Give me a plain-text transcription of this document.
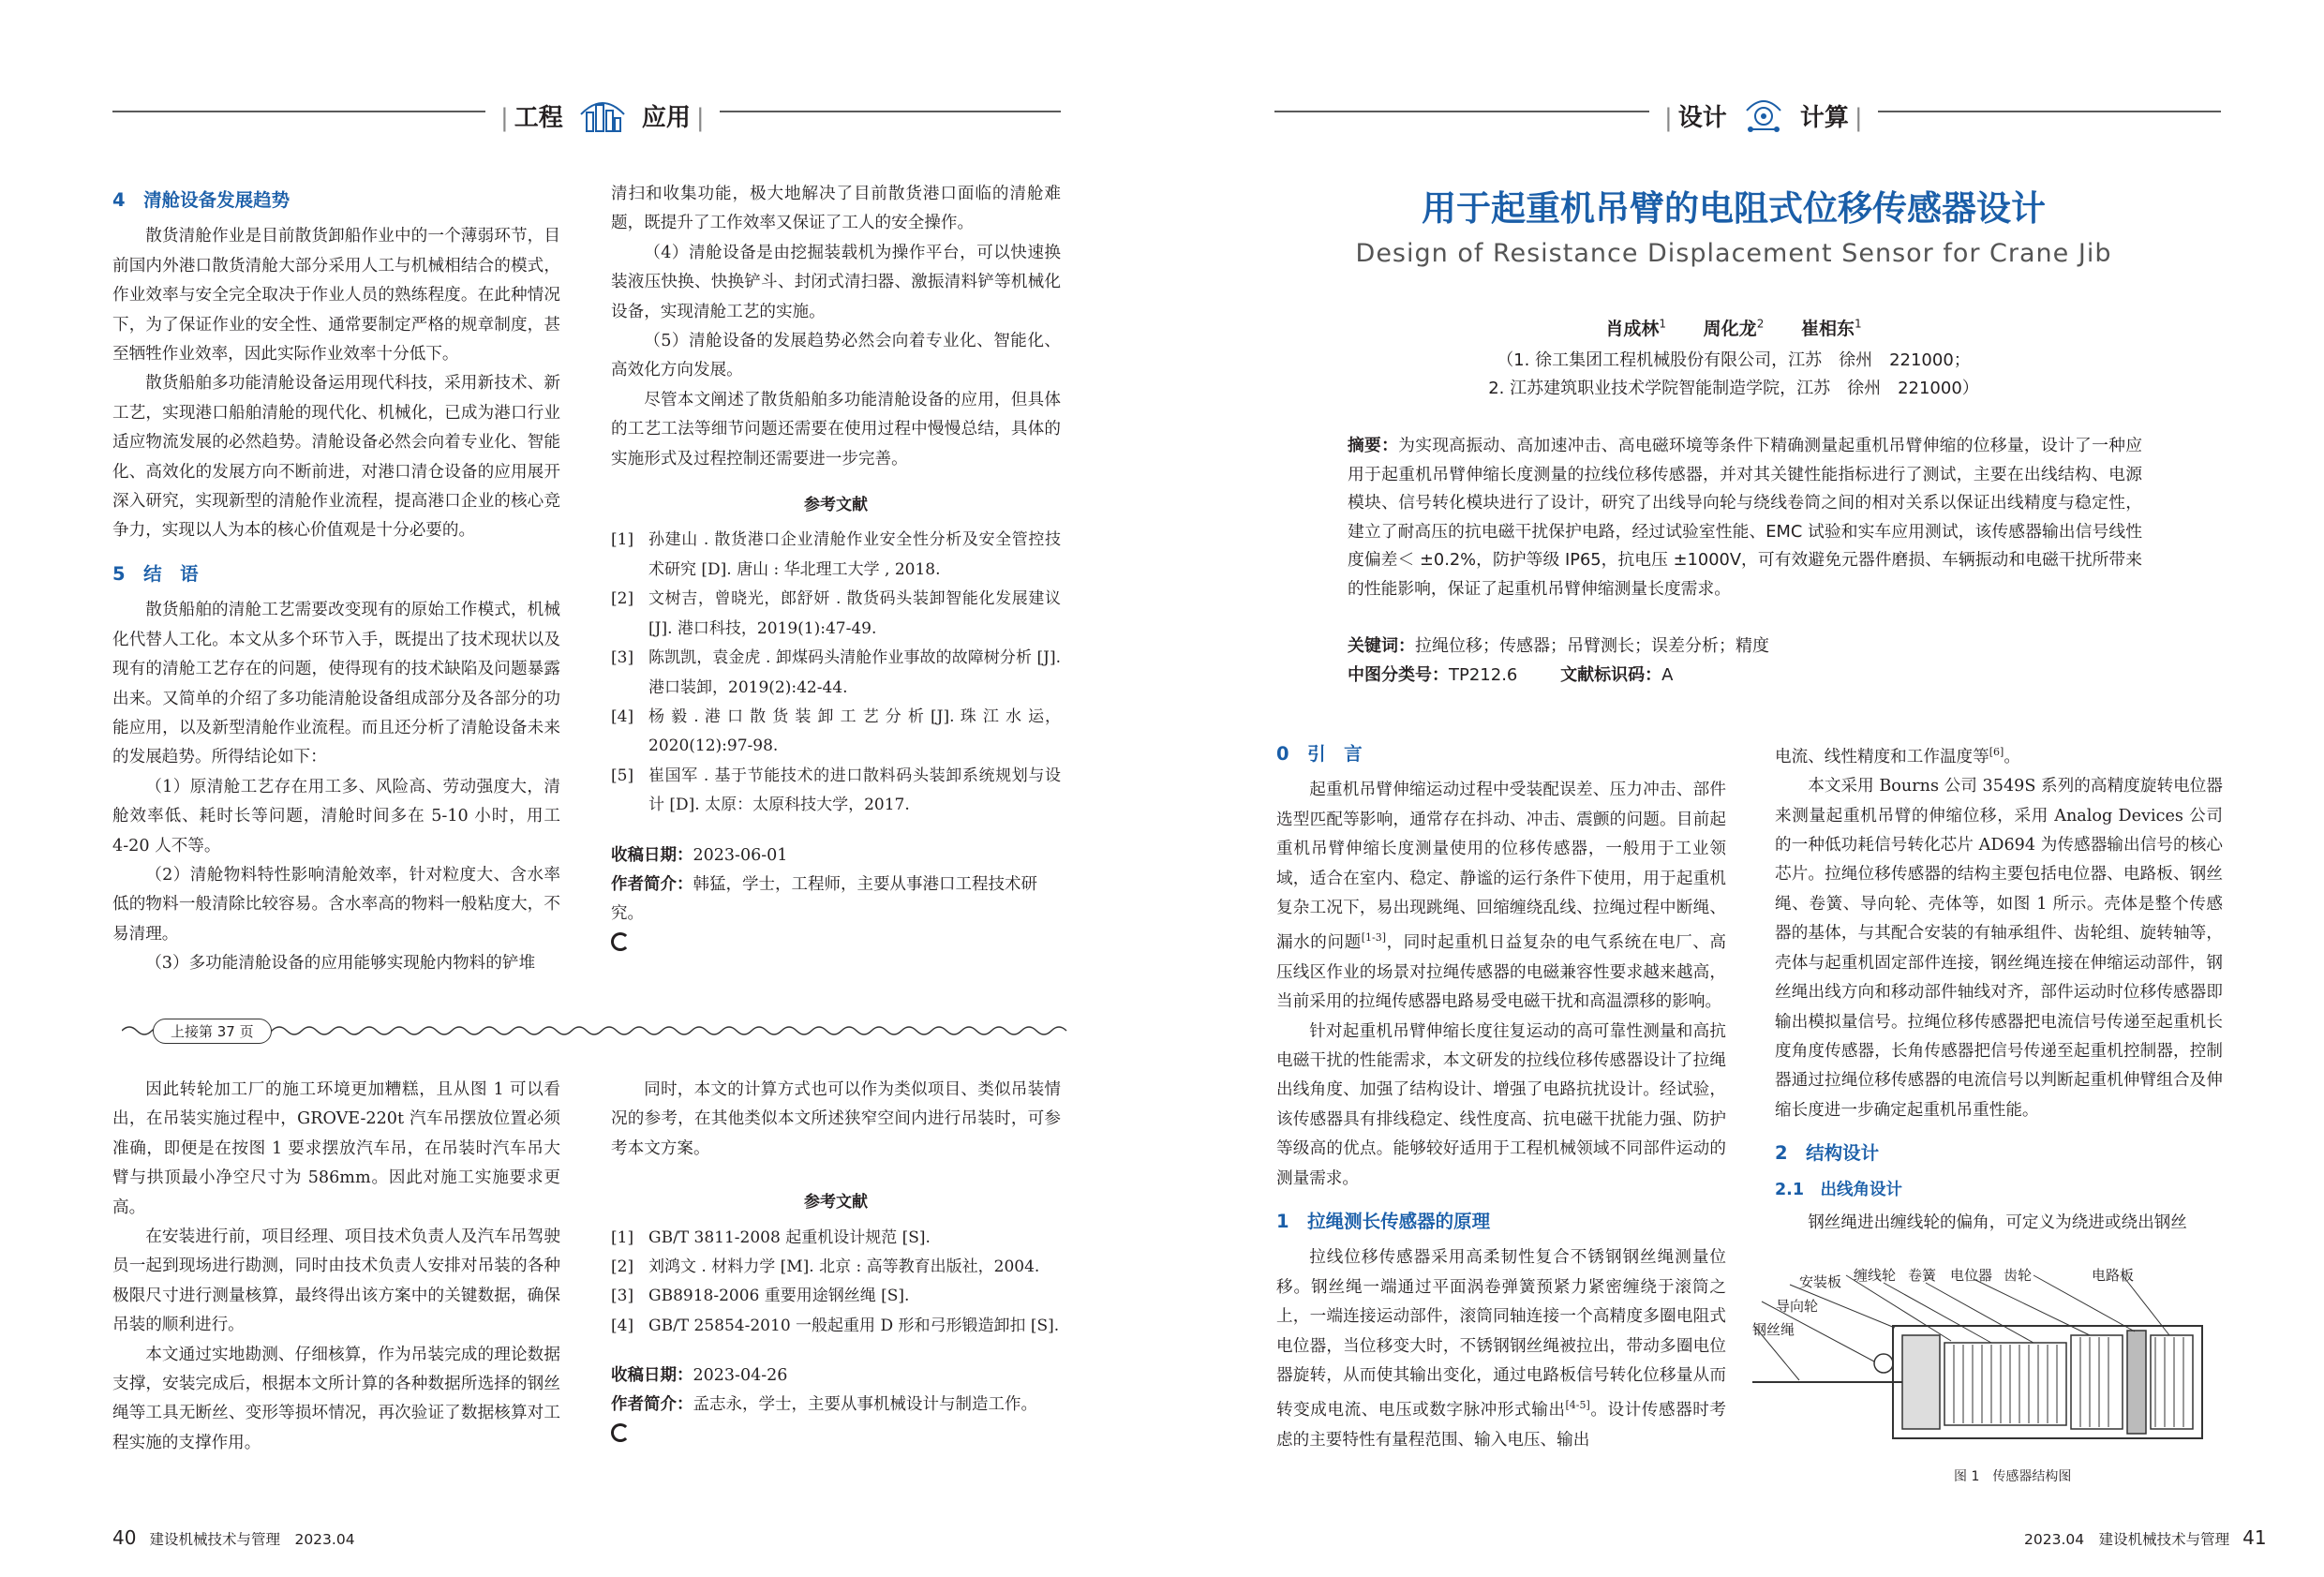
| 工程	应用 |	| 设计	计算 |
4　清舱设备发展趋势

散货清舱作业是目前散货卸船作业中的一个薄弱环节，目前国内外港口散货清舱大部分采用人工与机械相结合的模式，作业效率与安全完全取决于作业人员的熟练程度。在此种情况下，为了保证作业的安全性、通常要制定严格的规章制度，甚至牺牲作业效率，因此实际作业效率十分低下。

散货船舶多功能清舱设备运用现代科技，采用新技术、新工艺，实现港口船舶清舱的现代化、机械化，已成为港口行业适应物流发展的必然趋势。清舱设备必然会向着专业化、智能化、高效化的发展方向不断前进，对港口清仓设备的应用展开深入研究，实现新型的清舱作业流程，提高港口企业的核心竞争力，实现以人为本的核心价值观是十分必要的。

5　结　语

散货船舶的清舱工艺需要改变现有的原始工作模式，机械化代替人工化。本文从多个环节入手，既提出了技术现状以及现有的清舱工艺存在的问题，使得现有的技术缺陷及问题暴露出来。又简单的介绍了多功能清舱设备组成部分及各部分的功能应用，以及新型清舱作业流程。而且还分析了清舱设备未来的发展趋势。所得结论如下：

（1）原清舱工艺存在用工多、风险高、劳动强度大，清舱效率低、耗时长等问题，清舱时间多在 5-10 小时，用工 4-20 人不等。

（2）清舱物料特性影响清舱效率，针对粒度大、含水率低的物料一般清除比较容易。含水率高的物料一般粘度大，不易清理。

（3）多功能清舱设备的应用能够实现舱内物料的铲堆

清扫和收集功能，极大地解决了目前散货港口面临的清舱难题，既提升了工作效率又保证了工人的安全操作。

（4）清舱设备是由挖掘装载机为操作平台，可以快速换装液压快换、快换铲斗、封闭式清扫器、激振清料铲等机械化设备，实现清舱工艺的实施。

（5）清舱设备的发展趋势必然会向着专业化、智能化、高效化方向发展。

尽管本文阐述了散货船舶多功能清舱设备的应用，但具体的工艺工法等细节问题还需要在使用过程中慢慢总结，具体的实施形式及过程控制还需要进一步完善。

参考文献
[1] 孙建山 . 散货港口企业清舱作业安全性分析及安全管控技术研究 [D]. 唐山 : 华北理工大学 , 2018.
[2] 文树吉，曾晓光，郎舒妍 . 散货码头装卸智能化发展建议 [J]. 港口科技，2019(1):47-49.
[3] 陈凯凯，袁金虎 . 卸煤码头清舱作业事故的故障树分析 [J]. 港口装卸，2019(2):42-44.
[4] 杨 毅 . 港 口 散 货 装 卸 工 艺 分 析 [J]. 珠 江 水 运，2020(12):97-98.
[5] 崔国军 . 基于节能技术的进口散料码头装卸系统规划与设计 [D]. 太原：太原科技大学，2017.
收稿日期：2023-06-01
作者简介：韩猛，学士，工程师，主要从事港口工程技术研究。
上接第 37 页

因此转轮加工厂的施工环境更加糟糕，且从图 1 可以看出，在吊装实施过程中，GROVE-220t 汽车吊摆放位置必须准确，即便是在按图 1 要求摆放汽车吊，在吊装时汽车吊大臂与拱顶最小净空尺寸为 586mm。因此对施工实施要求更高。

在安装进行前，项目经理、项目技术负责人及汽车吊驾驶员一起到现场进行勘测，同时由技术负责人安排对吊装的各种极限尺寸进行测量核算，最终得出该方案中的关键数据，确保吊装的顺利进行。

本文通过实地勘测、仔细核算，作为吊装完成的理论数据支撑，安装完成后，根据本文所计算的各种数据所选择的钢丝绳等工具无断丝、变形等损坏情况，再次验证了数据核算对工程实施的支撑作用。

同时，本文的计算方式也可以作为类似项目、类似吊装情况的参考，在其他类似本文所述狭窄空间内进行吊装时，可参考本文方案。

参考文献
[1] GB/T 3811-2008 起重机设计规范 [S].
[2] 刘鸿文 . 材料力学 [M]. 北京 : 高等教育出版社，2004.
[3] GB8918-2006 重要用途钢丝绳 [S].
[4] GB/T 25854-2010 一般起重用 D 形和弓形锻造卸扣 [S].
收稿日期：2023-04-26
作者简介：孟志永，学士，主要从事机械设计与制造工作。
用于起重机吊臂的电阻式位移传感器设计
Design of Resistance Displacement Sensor for Crane Jib
肖成林$^1$ 周化龙$^2$ 崔相东$^1$
（1. 徐工集团工程机械股份有限公司，江苏　徐州　221000；
2. 江苏建筑职业技术学院智能制造学院，江苏　徐州　221000）
摘要：为实现高振动、高加速冲击、高电磁环境等条件下精确测量起重机吊臂伸缩的位移量，设计了一种应用于起重机吊臂伸缩长度测量的拉线位移传感器，并对其关键性能指标进行了测试，主要在出线结构、电源模块、信号转化模块进行了设计，研究了出线导向轮与绕线卷筒之间的相对关系以保证出线精度与稳定性，建立了耐高压的抗电磁干扰保护电路，经过试验室性能、EMC 试验和实车应用测试，该传感器输出信号线性度偏差＜ ±0.2%，防护等级 IP65，抗电压 ±1000V，可有效避免元器件磨损、车辆振动和电磁干扰所带来的性能影响，保证了起重机吊臂伸缩测量长度需求。
关键词：拉绳位移；传感器；吊臂测长；误差分析；精度
中图分类号：TP212.6	文献标识码：A
0　引　言

起重机吊臂伸缩运动过程中受装配误差、压力冲击、部件选型匹配等影响，通常存在抖动、冲击、震颤的问题。目前起重机吊臂伸缩长度测量使用的位移传感器，一般用于工业领域，适合在室内、稳定、静谧的运行条件下使用，用于起重机复杂工况下，易出现跳绳、回缩缠绕乱线、拉绳过程中断绳、漏水的问题[1-3]，同时起重机日益复杂的电气系统在电厂、高压线区作业的场景对拉绳传感器的电磁兼容性要求越来越高，当前采用的拉绳传感器电路易受电磁干扰和高温漂移的影响。

针对起重机吊臂伸缩长度往复运动的高可靠性测量和高抗电磁干扰的性能需求，本文研发的拉线位移传感器设计了拉绳出线角度、加强了结构设计、增强了电路抗扰设计。经试验，该传感器具有排线稳定、线性度高、抗电磁干扰能力强、防护等级高的优点。能够较好适用于工程机械领域不同部件运动的测量需求。

1　拉绳测长传感器的原理

拉线位移传感器采用高柔韧性复合不锈钢钢丝绳测量位移。钢丝绳一端通过平面涡卷弹簧预紧力紧密缠绕于滚筒之上，一端连接运动部件，滚筒同轴连接一个高精度多圈电阻式电位器，当位移变大时，不锈钢钢丝绳被拉出，带动多圈电位器旋转，从而使其输出变化，通过电路板信号转化位移量从而转变成电流、电压或数字脉冲形式输出[4-5]。设计传感器时考虑的主要特性有量程范围、输入电压、输出

电流、线性精度和工作温度等[6]。

本文采用 Bourns 公司 3549S 系列的高精度旋转电位器来测量起重机吊臂的伸缩位移，采用 Analog Devices 公司的一种低功耗信号转化芯片 AD694 为传感器输出信号的核心芯片。拉绳位移传感器的结构主要包括电位器、电路板、钢丝绳、卷簧、导向轮、壳体等，如图 1 所示。壳体是整个传感器的基体，与其配合安装的有轴承组件、齿轮组、旋转轴等，壳体与起重机固定部件连接，钢丝绳连接在伸缩运动部件，钢丝绳出线方向和移动部件轴线对齐，部件运动时位移传感器即输出模拟量信号。拉绳位移传感器把电流信号传递至起重机长度角度传感器，长角传感器把信号传递至起重机控制器，控制器通过拉绳位移传感器的电流信号以判断起重机伸臂组合及伸缩长度进一步确定起重机吊重性能。

2　结构设计
2.1　出线角设计

钢丝绳进出缠线轮的偏角，可定义为绕进或绕出钢丝

安装板 缠线轮 卷簧 电位器 齿轮	电路板
导向轮
钢丝绳
图 1　传感器结构图
40 建设机械技术与管理　2023.04	2023.04　建设机械技术与管理 41
